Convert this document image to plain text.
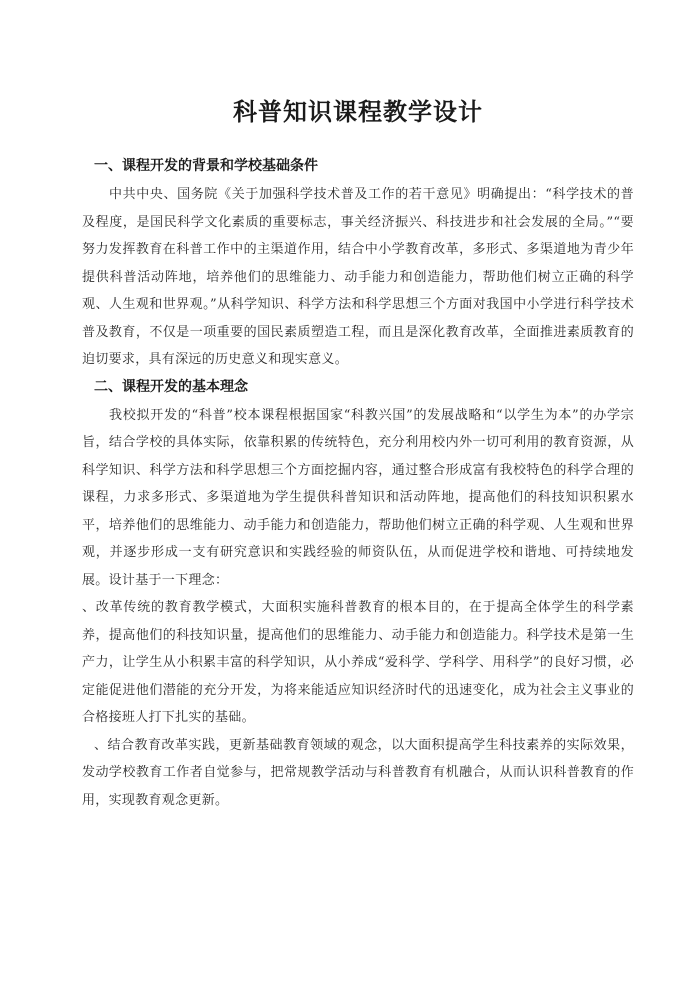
科普知识课程教学设计
一、课程开发的背景和学校基础条件

中共中央、国务院《关于加强科学技术普及工作的若干意见》明确提出：“科学技术的普及程度，是国民科学文化素质的重要标志，事关经济振兴、科技进步和社会发展的全局。”“要努力发挥教育在科普工作中的主渠道作用，结合中小学教育改革，多形式、多渠道地为青少年提供科普活动阵地，培养他们的思维能力、动手能力和创造能力，帮助他们树立正确的科学观、人生观和世界观。”从科学知识、科学方法和科学思想三个方面对我国中小学进行科学技术普及教育，不仅是一项重要的国民素质塑造工程，而且是深化教育改革，全面推进素质教育的迫切要求，具有深远的历史意义和现实意义。

二、课程开发的基本理念

我校拟开发的“科普”校本课程根据国家“科教兴国”的发展战略和“以学生为本”的办学宗旨，结合学校的具体实际，依靠积累的传统特色，充分利用校内外一切可利用的教育资源，从科学知识、科学方法和科学思想三个方面挖掘内容，通过整合形成富有我校特色的科学合理的课程，力求多形式、多渠道地为学生提供科普知识和活动阵地，提高他们的科技知识积累水平，培养他们的思维能力、动手能力和创造能力，帮助他们树立正确的科学观、人生观和世界观，并逐步形成一支有研究意识和实践经验的师资队伍，从而促进学校和谐地、可持续地发展。设计基于一下理念：

、改革传统的教育教学模式，大面积实施科普教育的根本目的，在于提高全体学生的科学素养，提高他们的科技知识量，提高他们的思维能力、动手能力和创造能力。科学技术是第一生产力，让学生从小积累丰富的科学知识，从小养成“爱科学、学科学、用科学”的良好习惯，必定能促进他们潜能的充分开发，为将来能适应知识经济时代的迅速变化，成为社会主义事业的合格接班人打下扎实的基础。

、结合教育改革实践，更新基础教育领域的观念，以大面积提高学生科技素养的实际效果，发动学校教育工作者自觉参与，把常规教学活动与科普教育有机融合，从而认识科普教育的作用，实现教育观念更新。
